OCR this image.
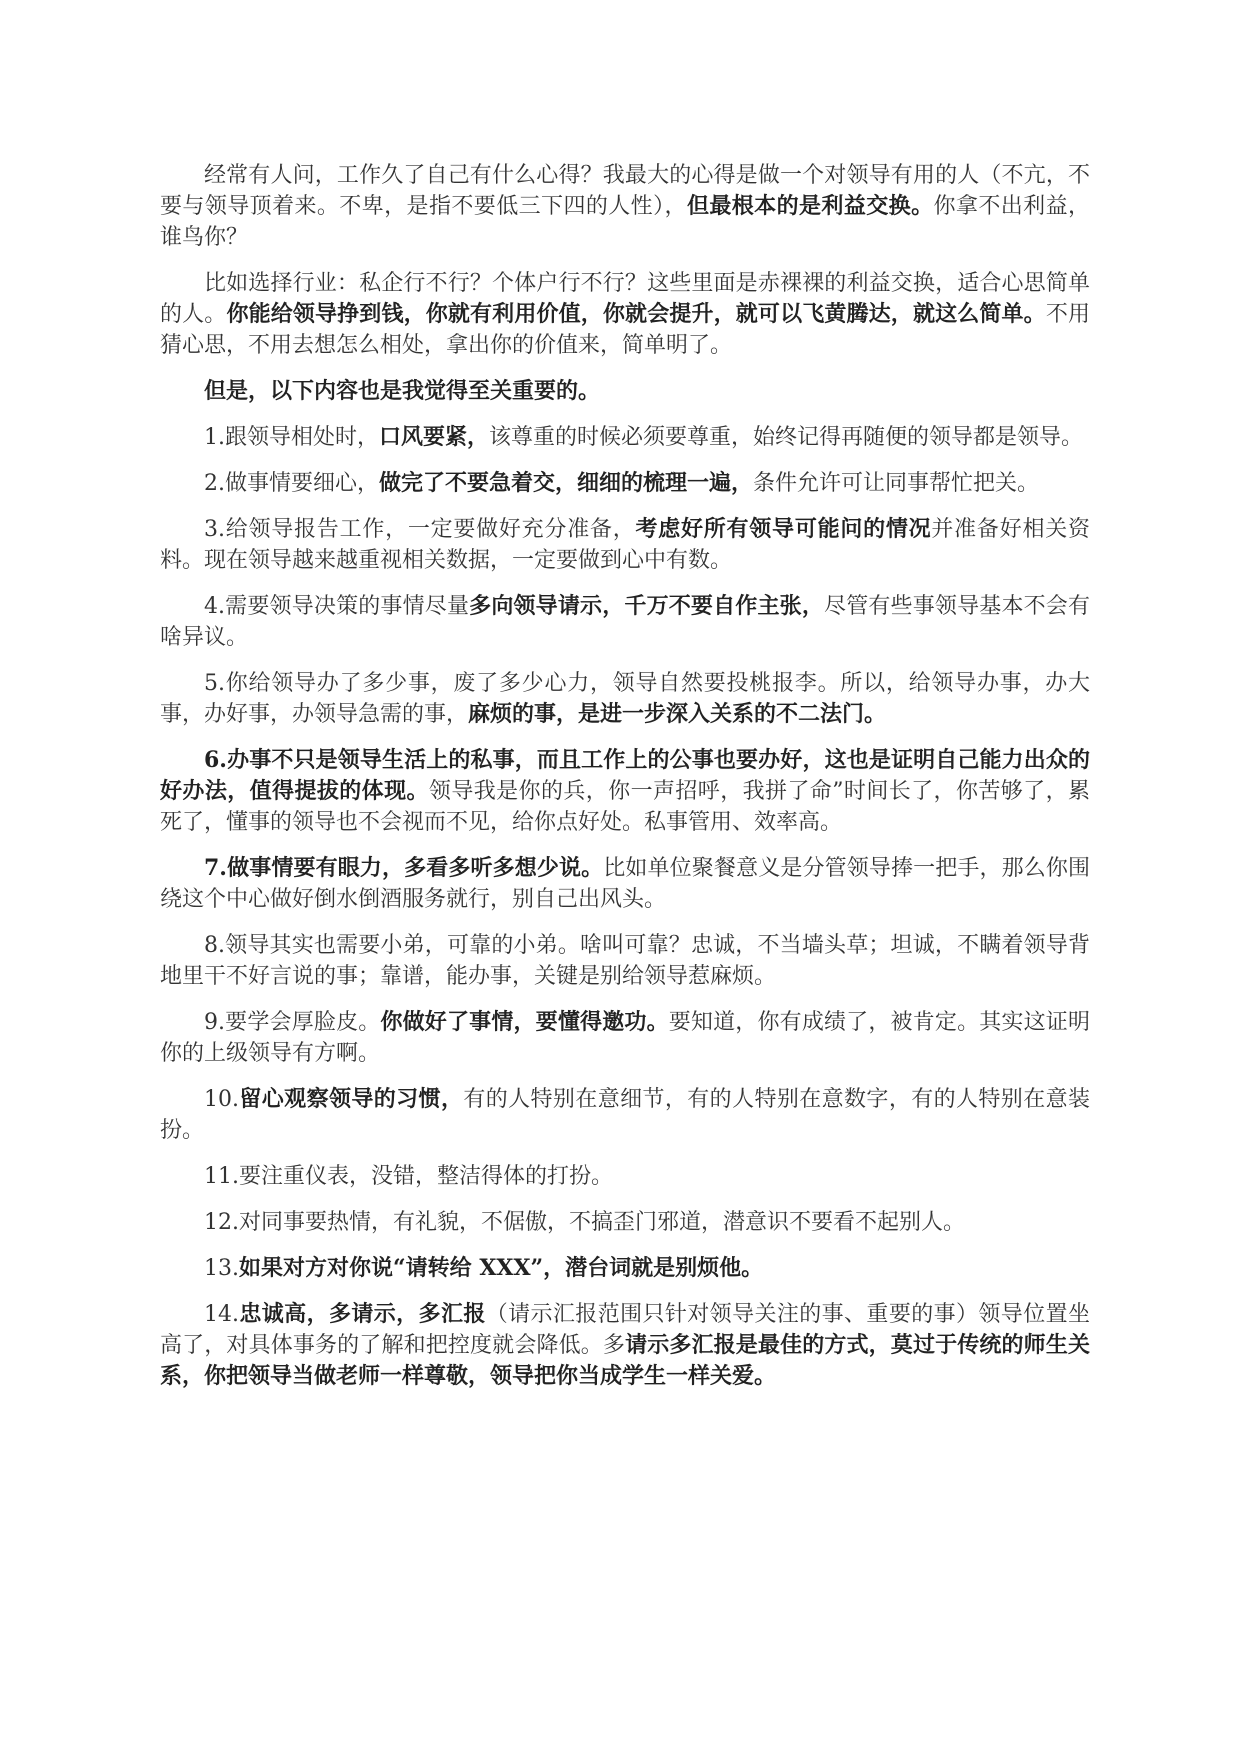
经常有人问，工作久了自己有什么心得？我最大的心得是做一个对领导有用的人（不亢，不要与领导顶着来。不卑，是指不要低三下四的人性），但最根本的是利益交换。你拿不出利益，谁鸟你？

比如选择行业：私企行不行？个体户行不行？这些里面是赤裸裸的利益交换，适合心思简单的人。你能给领导挣到钱，你就有利用价值，你就会提升，就可以飞黄腾达，就这么简单。不用猜心思，不用去想怎么相处，拿出你的价值来，简单明了。

但是，以下内容也是我觉得至关重要的。

1.跟领导相处时，口风要紧，该尊重的时候必须要尊重，始终记得再随便的领导都是领导。

2.做事情要细心，做完了不要急着交，细细的梳理一遍，条件允许可让同事帮忙把关。

3.给领导报告工作，一定要做好充分准备，考虑好所有领导可能问的情况并准备好相关资料。现在领导越来越重视相关数据，一定要做到心中有数。

4.需要领导决策的事情尽量多向领导请示，千万不要自作主张，尽管有些事领导基本不会有啥异议。

5.你给领导办了多少事，废了多少心力，领导自然要投桃报李。所以，给领导办事，办大事，办好事，办领导急需的事，麻烦的事，是进一步深入关系的不二法门。

6.办事不只是领导生活上的私事，而且工作上的公事也要办好，这也是证明自己能力出众的好办法，值得提拔的体现。领导我是你的兵，你一声招呼，我拼了命”时间长了，你苦够了，累死了，懂事的领导也不会视而不见，给你点好处。私事管用、效率高。

7.做事情要有眼力，多看多听多想少说。比如单位聚餐意义是分管领导捧一把手，那么你围绕这个中心做好倒水倒酒服务就行，别自己出风头。

8.领导其实也需要小弟，可靠的小弟。啥叫可靠？忠诚，不当墙头草；坦诚，不瞒着领导背地里干不好言说的事；靠谱，能办事，关键是别给领导惹麻烦。

9.要学会厚脸皮。你做好了事情，要懂得邀功。要知道，你有成绩了，被肯定。其实这证明你的上级领导有方啊。

10.留心观察领导的习惯，有的人特别在意细节，有的人特别在意数字，有的人特别在意装扮。

11.要注重仪表，没错，整洁得体的打扮。

12.对同事要热情，有礼貌，不倨傲，不搞歪门邪道，潜意识不要看不起别人。

13.如果对方对你说“请转给 XXX”，潜台词就是别烦他。

14.忠诚高，多请示，多汇报（请示汇报范围只针对领导关注的事、重要的事）领导位置坐高了，对具体事务的了解和把控度就会降低。多请示多汇报是最佳的方式，莫过于传统的师生关系，你把领导当做老师一样尊敬，领导把你当成学生一样关爱。
